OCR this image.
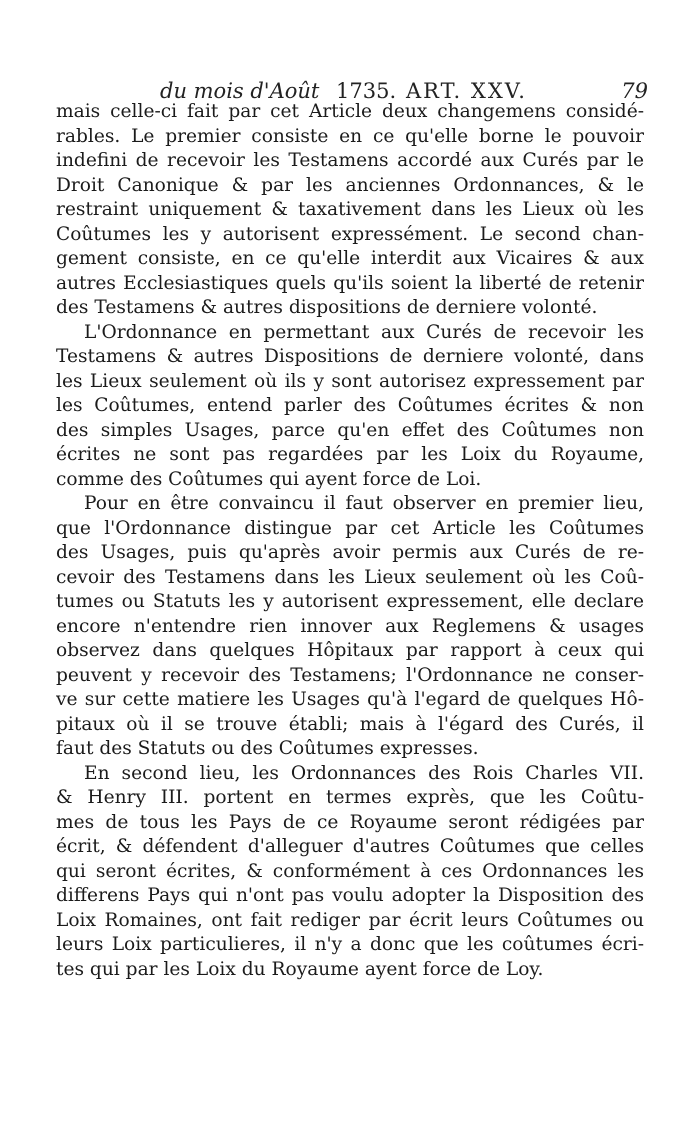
du mois d'Août 1735. ART. XXV.	79
mais celle-ci fait par cet Article deux changemens considé-
rables. Le premier consiste en ce qu'elle borne le pouvoir
indefini de recevoir les Testamens accordé aux Curés par le
Droit Canonique & par les anciennes Ordonnances, & le
restraint uniquement & taxativement dans les Lieux où les
Coûtumes les y autorisent expressément. Le second chan-
gement consiste, en ce qu'elle interdit aux Vicaires & aux
autres Ecclesiastiques quels qu'ils soient la liberté de retenir
des Testamens & autres dispositions de derniere volonté.
L'Ordonnance en permettant aux Curés de recevoir les
Testamens & autres Dispositions de derniere volonté, dans
les Lieux seulement où ils y sont autorisez expressement par
les Coûtumes, entend parler des Coûtumes écrites & non
des simples Usages, parce qu'en effet des Coûtumes non
écrites ne sont pas regardées par les Loix du Royaume,
comme des Coûtumes qui ayent force de Loi.
Pour en être convaincu il faut observer en premier lieu,
que l'Ordonnance distingue par cet Article les Coûtumes
des Usages, puis qu'après avoir permis aux Curés de re-
cevoir des Testamens dans les Lieux seulement où les Coû-
tumes ou Statuts les y autorisent expressement, elle declare
encore n'entendre rien innover aux Reglemens & usages
observez dans quelques Hôpitaux par rapport à ceux qui
peuvent y recevoir des Testamens; l'Ordonnance ne conser-
ve sur cette matiere les Usages qu'à l'egard de quelques Hô-
pitaux où il se trouve établi; mais à l'égard des Curés, il
faut des Statuts ou des Coûtumes expresses.
En second lieu, les Ordonnances des Rois Charles VII.
& Henry III. portent en termes exprès, que les Coûtu-
mes de tous les Pays de ce Royaume seront rédigées par
écrit, & défendent d'alleguer d'autres Coûtumes que celles
qui seront écrites, & conformément à ces Ordonnances les
differens Pays qui n'ont pas voulu adopter la Disposition des
Loix Romaines, ont fait rediger par écrit leurs Coûtumes ou
leurs Loix particulieres, il n'y a donc que les coûtumes écri-
tes qui par les Loix du Royaume ayent force de Loy.
